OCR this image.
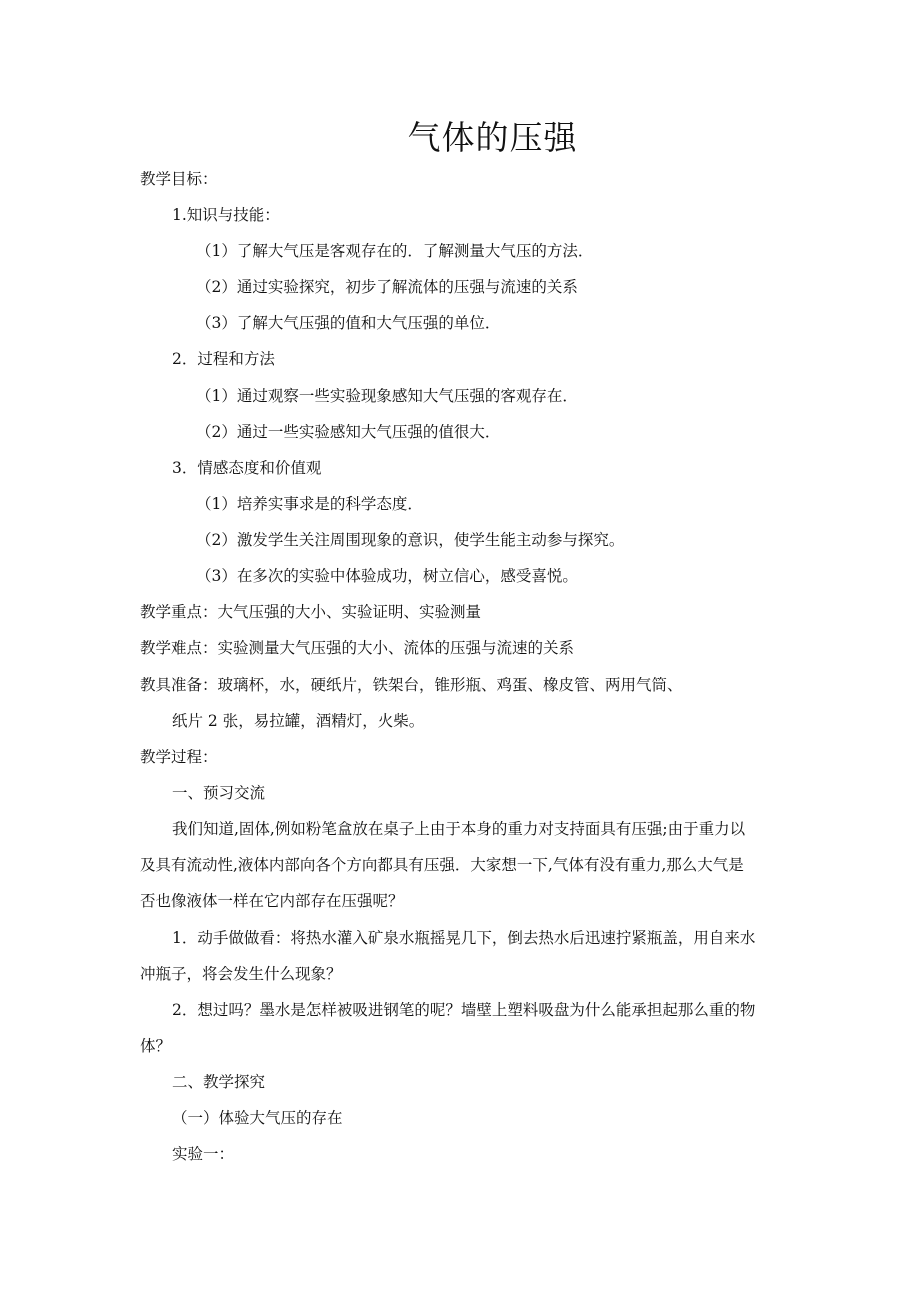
气体的压强
教学目标：
1.知识与技能：
（1）了解大气压是客观存在的．了解测量大气压的方法．
（2）通过实验探究，初步了解流体的压强与流速的关系
（3）了解大气压强的值和大气压强的单位．
2．过程和方法
（1）通过观察一些实验现象感知大气压强的客观存在．
（2）通过一些实验感知大气压强的值很大．
3．情感态度和价值观
（1）培养实事求是的科学态度．
（2）激发学生关注周围现象的意识，使学生能主动参与探究。
（3）在多次的实验中体验成功，树立信心，感受喜悦。
教学重点：大气压强的大小、实验证明、实验测量
教学难点：实验测量大气压强的大小、流体的压强与流速的关系
教具准备：玻璃杯，水，硬纸片，铁架台，锥形瓶、鸡蛋、橡皮管、两用气筒、
纸片 2 张，易拉罐，酒精灯，火柴。
教学过程：
一、预习交流
我们知道,固体,例如粉笔盒放在桌子上由于本身的重力对支持面具有压强;由于重力以
及具有流动性,液体内部向各个方向都具有压强．大家想一下,气体有没有重力,那么大气是
否也像液体一样在它内部存在压强呢？
1．动手做做看：将热水灌入矿泉水瓶摇晃几下，倒去热水后迅速拧紧瓶盖，用自来水
冲瓶子，将会发生什么现象？
2．想过吗？墨水是怎样被吸进钢笔的呢？墙壁上塑料吸盘为什么能承担起那么重的物
体？
二、教学探究
（一）体验大气压的存在
实验一：
